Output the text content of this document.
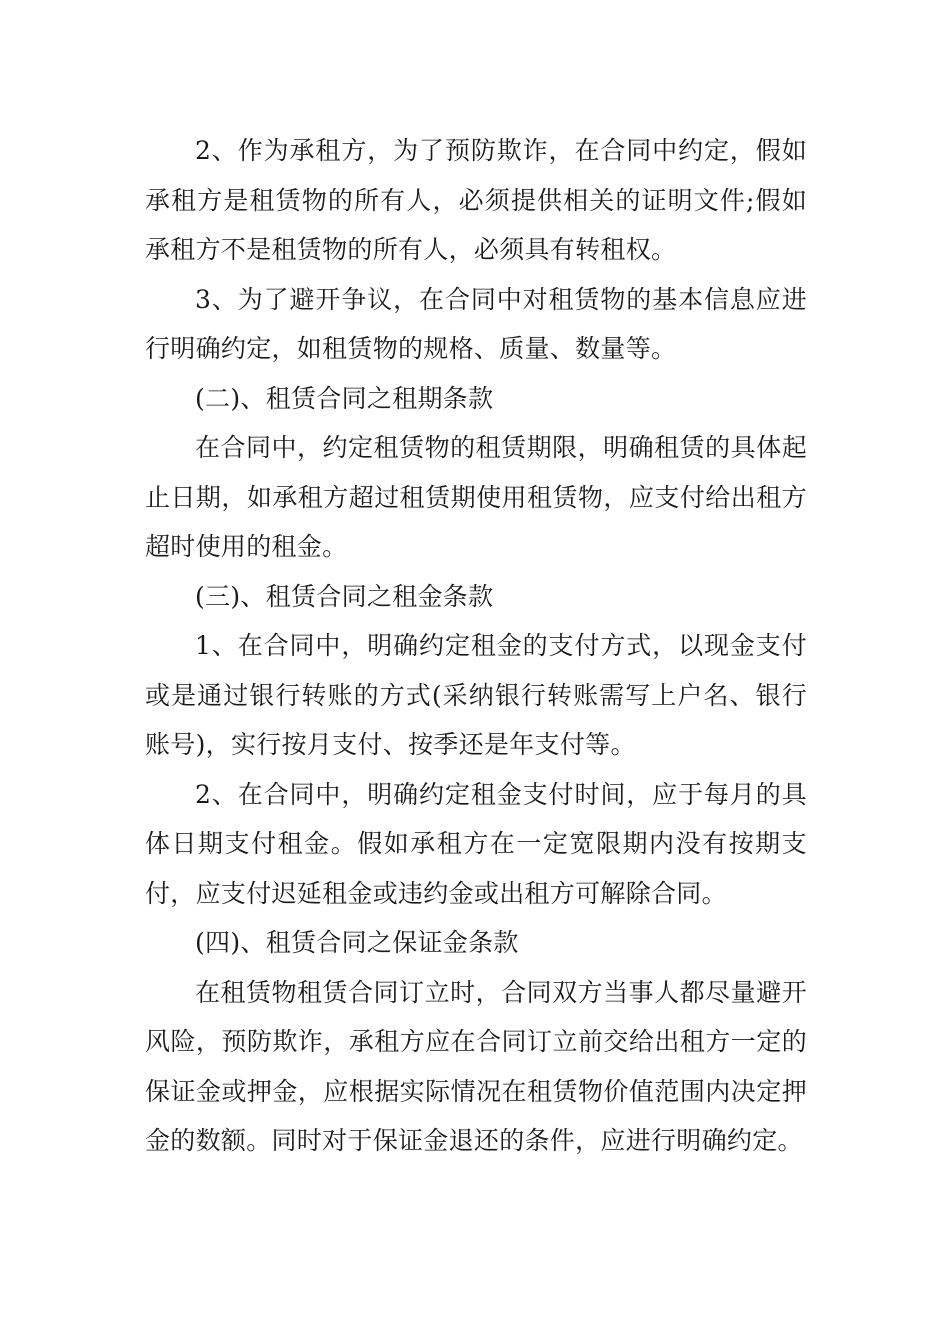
2、作为承租方，为了预防欺诈，在合同中约定，假如承租方是租赁物的所有人，必须提供相关的证明文件;假如承租方不是租赁物的所有人，必须具有转租权。

3、为了避开争议，在合同中对租赁物的基本信息应进行明确约定，如租赁物的规格、质量、数量等。

(二)、租赁合同之租期条款

在合同中，约定租赁物的租赁期限，明确租赁的具体起止日期，如承租方超过租赁期使用租赁物，应支付给出租方超时使用的租金。

(三)、租赁合同之租金条款

1、在合同中，明确约定租金的支付方式，以现金支付或是通过银行转账的方式(采纳银行转账需写上户名、银行账号)，实行按月支付、按季还是年支付等。

2、在合同中，明确约定租金支付时间，应于每月的具体日期支付租金。假如承租方在一定宽限期内没有按期支付，应支付迟延租金或违约金或出租方可解除合同。

(四)、租赁合同之保证金条款

在租赁物租赁合同订立时，合同双方当事人都尽量避开风险，预防欺诈，承租方应在合同订立前交给出租方一定的保证金或押金，应根据实际情况在租赁物价值范围内决定押金的数额。同时对于保证金退还的条件，应进行明确约定。
